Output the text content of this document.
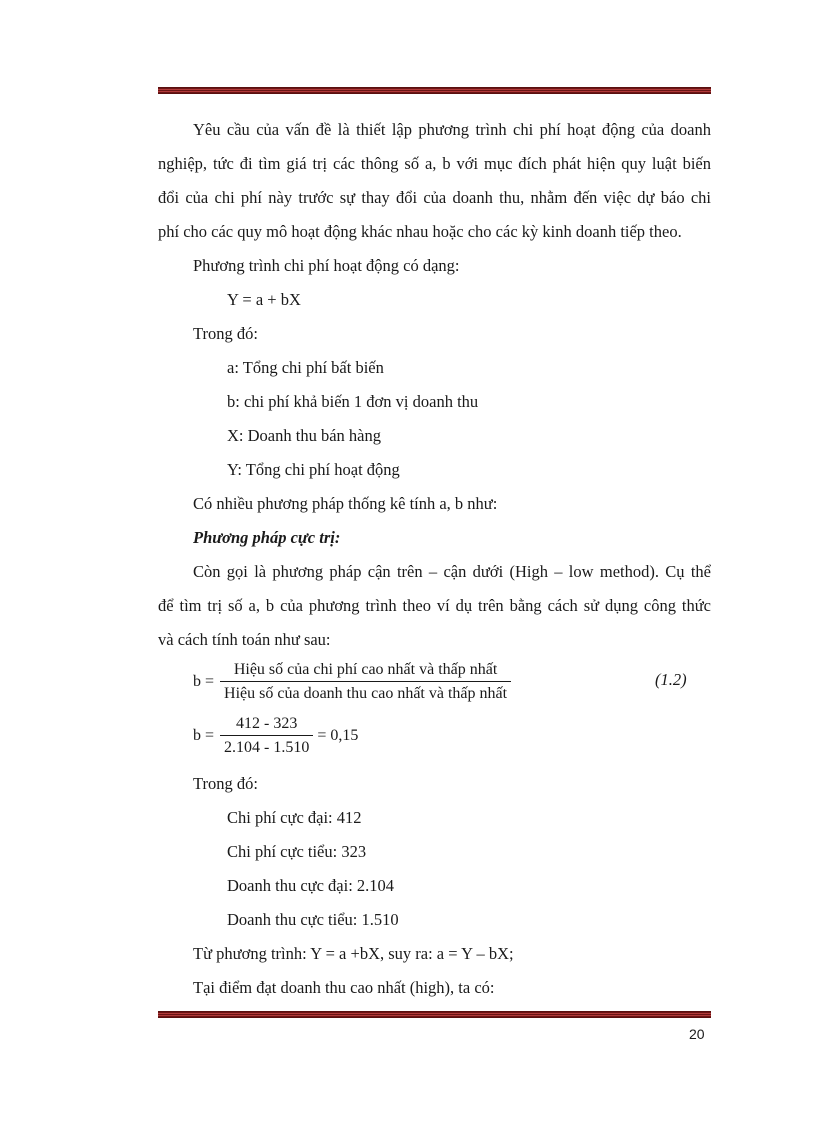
Yêu cầu của vấn đề là thiết lập phương trình chi phí hoạt động của doanh
nghiệp, tức đi tìm giá trị các thông số a, b với mục đích phát hiện quy luật biến
đổi của chi phí này trước sự thay đổi của doanh thu, nhằm đến việc dự báo chi
phí cho các quy mô hoạt động khác nhau hoặc cho các kỳ kinh doanh tiếp theo.
Phương trình chi phí hoạt động có dạng:
Y = a + bX
Trong đó:
a: Tổng chi phí bất biến
b: chi phí khả biến 1 đơn vị doanh thu
X: Doanh thu bán hàng
Y: Tổng chi phí hoạt động
Có nhiều phương pháp thống kê tính a, b như:
Phương pháp cực trị:
Còn gọi là phương pháp cận trên – cận dưới (High – low method). Cụ thể
để tìm trị số a, b của phương trình theo ví dụ trên bằng cách sử dụng công thức
và cách tính toán như sau:
$b = \frac{\text{Hiệu số của chi phí cao nhất và thấp nhất}}{\text{Hiệu số của doanh thu cao nhất và thấp nhất}}$	(1.2)
$b = \frac{412 - 323}{2.104 - 1.510} = 0,15$
Trong đó:
Chi phí cực đại: 412
Chi phí cực tiểu: 323
Doanh thu cực đại: 2.104
Doanh thu cực tiểu: 1.510
Từ phương trình: Y = a +bX, suy ra: a = Y – bX;
Tại điểm đạt doanh thu cao nhất (high), ta có:
20
